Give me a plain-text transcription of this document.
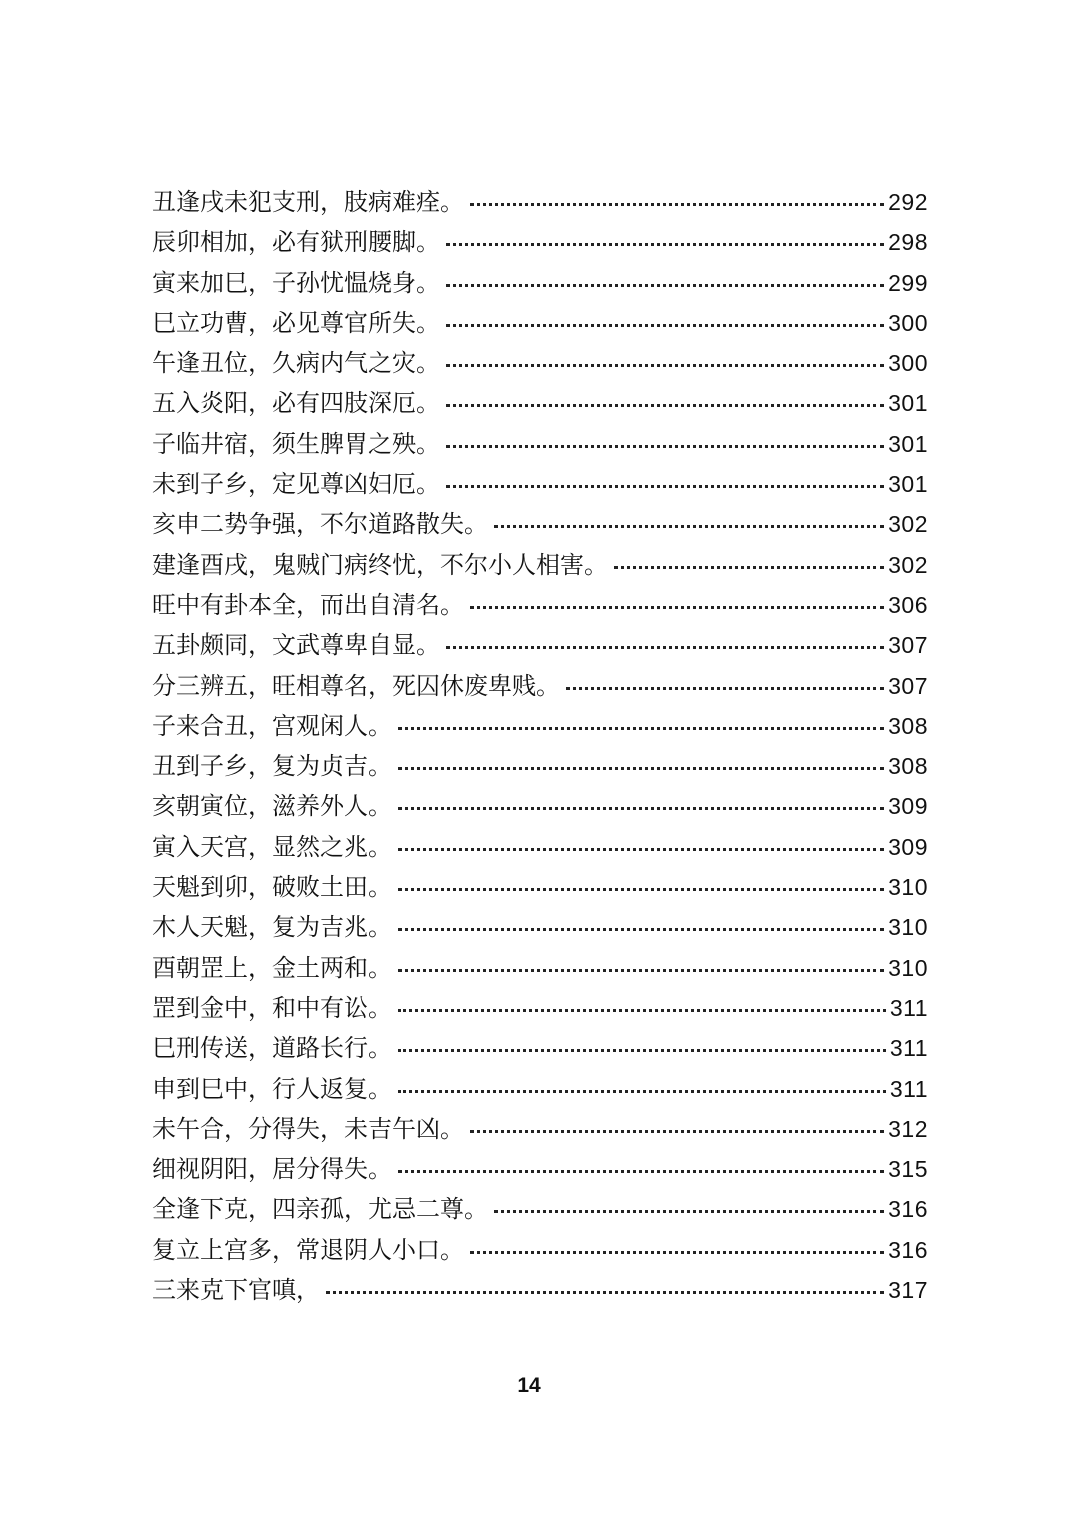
丑逢戌未犯支刑，肢病难痊。	292
辰卯相加，必有狱刑腰脚。	298
寅来加巳，子孙忧愠烧身。	299
巳立功曹，必见尊官所失。	300
午逢丑位，久病内气之灾。	300
五入炎阳，必有四肢深厄。	301
子临井宿，须生脾胃之殃。	301
未到子乡，定见尊凶妇厄。	301
亥申二势争强，不尔道路散失。	302
建逢酉戌，鬼贼门病终忧，不尔小人相害。	302
旺中有卦本全，而出自清名。	306
五卦颇同，文武尊卑自显。	307
分三辨五，旺相尊名，死囚休废卑贱。	307
子来合丑，宫观闲人。	308
丑到子乡，复为贞吉。	308
亥朝寅位，滋养外人。	309
寅入天宫，显然之兆。	309
天魁到卯，破败土田。	310
木人天魁，复为吉兆。	310
酉朝罡上，金土两和。	310
罡到金中，和中有讼。	311
巳刑传送，道路长行。	311
申到巳中，行人返复。	311
未午合，分得失，未吉午凶。	312
细视阴阳，居分得失。	315
全逢下克，四亲孤，尤忌二尊。	316
复立上宫多，常退阴人小口。	316
三来克下官嗔，	317
14
